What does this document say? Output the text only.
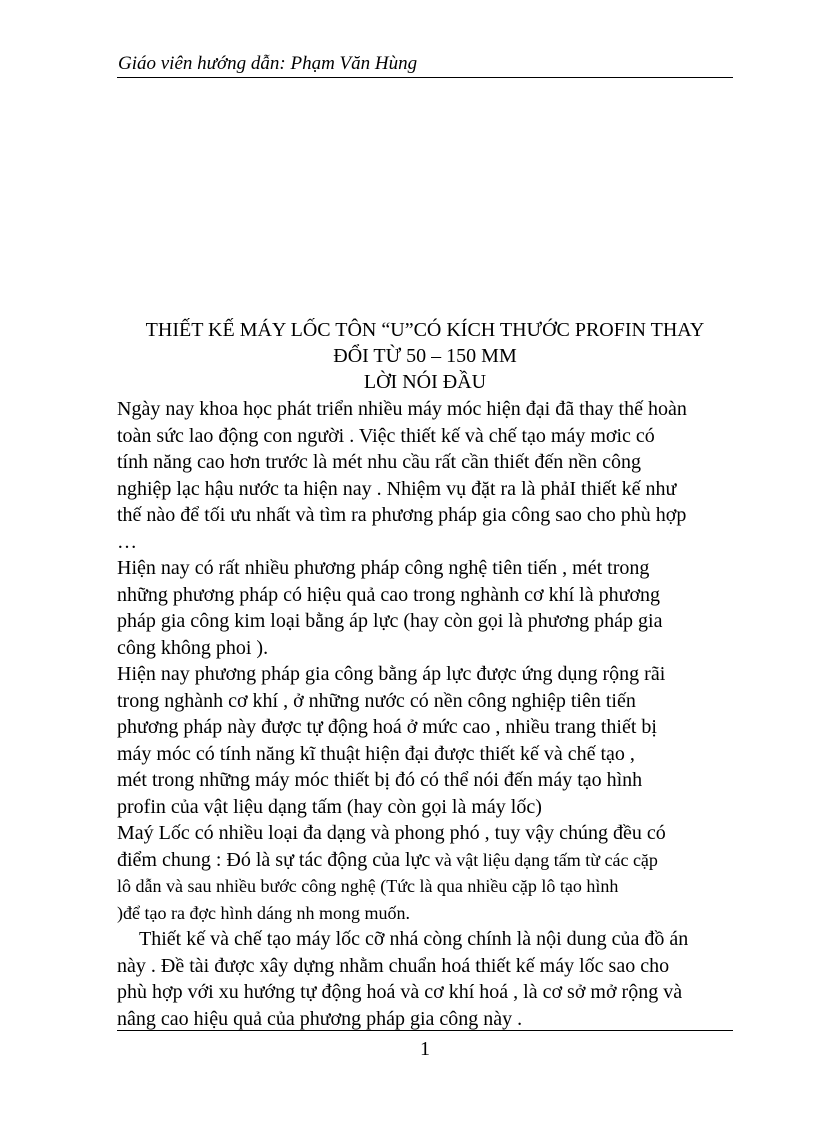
Giáo viên hướng dẫn: Phạm Văn Hùng
THIẾT KẾ MÁY LỐC TÔN “U”CÓ KÍCH THƯỚC PROFIN THAY
ĐỔI TỪ 50 – 150 MM
LỜI NÓI ĐẦU
Ngày nay khoa học phát triển nhiều máy móc hiện đại đã thay thế hoàn
toàn sức lao động con người . Việc thiết kế và chế tạo máy mơic có
tính năng cao hơn trước là mét nhu cầu rất cần thiết đến nền công
nghiệp lạc hậu nước ta hiện nay . Nhiệm vụ đặt ra là phảI thiết kế như
thế nào để tối ưu nhất và tìm ra phương pháp gia công sao cho phù hợp
…
Hiện nay có rất nhiều phương pháp công nghệ tiên tiến , mét trong
những phương pháp có hiệu quả cao trong nghành cơ khí là phương
pháp gia công kim loại bằng áp lực (hay còn gọi là phương pháp gia
công không phoi ).
Hiện nay phương pháp gia công bằng áp lực được ứng dụng rộng rãi
trong nghành cơ khí , ở những nước có nền công nghiệp tiên tiến
phương pháp này được tự động hoá ở mức cao , nhiều trang thiết bị
máy móc có tính năng kĩ thuật hiện đại được thiết kế và chế tạo ,
mét trong những máy móc thiết bị đó có thể nói đến máy tạo hình
profin của vật liệu dạng tấm (hay còn gọi là máy lốc)
Maý Lốc có nhiều loại đa dạng và phong phó , tuy vậy chúng đều có
điểm chung : Đó là sự tác động của lực và vật liệu dạng tấm từ các cặp
lô dẫn và sau nhiều bước công nghệ (Tức là qua nhiều cặp lô tạo hình
)để tạo ra đợc hình dáng nh mong muốn.
Thiết kế và chế tạo máy lốc cỡ nhá còng chính là nội dung của đồ án
này . Đề tài được xây dựng nhằm chuẩn hoá thiết kế máy lốc sao cho
phù hợp với xu hướng tự động hoá và cơ khí hoá , là cơ sở mở rộng và
nâng cao hiệu quả của phương pháp gia công này .
1
